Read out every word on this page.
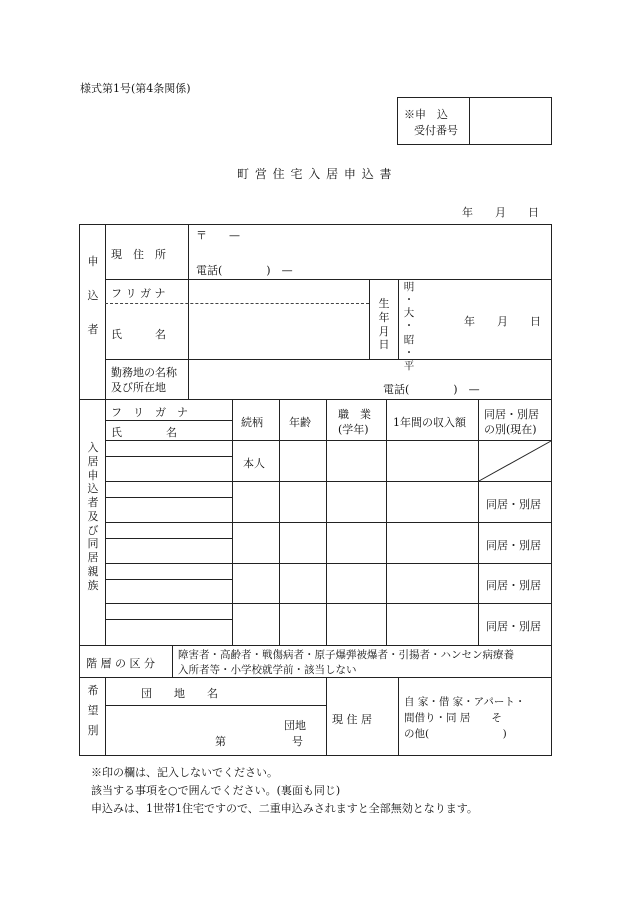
様式第1号(第4条関係)
※申　込
受付番号
町 営 住 宅 入 居 申 込 書
年　　月　　日
申
込
者
現　住　所
〒　　—
電話(　　　　)　—
フ リ ガ ナ
氏　　　名
生
年
月
日
明
・
大
・
昭
・
平
年　　月　　日
勤務地の名称
及び所在地	電話(　　　　)　—
入
居
申
込
者
及
び
同
居
親
族
フ　リ　ガ　ナ
氏　　　　名
続柄 年齢
職　業
(学年)
1年間の収入額
同居・別居
の別(現在)
本人
同居・別居
同居・別居
同居・別居
同居・別居
階 層 の 区 分
障害者・高齢者・戦傷病者・原子爆弾被爆者・引揚者・ハンセン病療養
入所者等・小学校就学前・該当しない
希
望
別
団　　地　　名
団地
第　　　　　　号
現 住 居
自 家・借 家・アパート・
間借り・同 居　　そ
の他(　　　　　　　)
※印の欄は、記入しないでください。
該当する事項を○で囲んでください。(裏面も同じ)
申込みは、1世帯1住宅ですので、二重申込みされますと全部無効となります。
